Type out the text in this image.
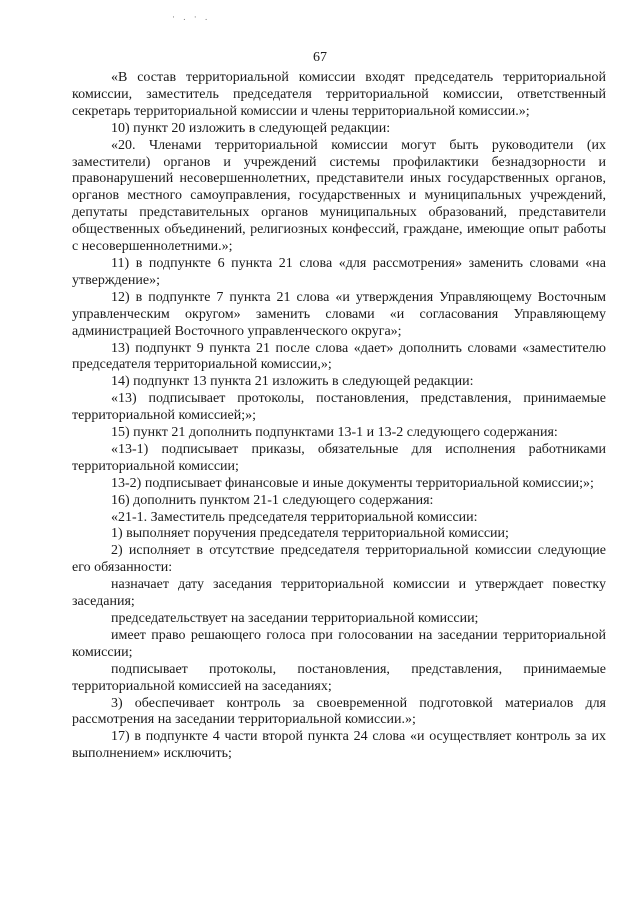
· . · .
67

«В состав территориальной комиссии входят председатель территориальной комиссии, заместитель председателя территориальной комиссии, ответственный секретарь территориальной комиссии и члены территориальной комиссии.»;

10) пункт 20 изложить в следующей редакции:

«20. Членами территориальной комиссии могут быть руководители (их заместители) органов и учреждений системы профилактики безнадзорности и правонарушений несовершеннолетних, представители иных государственных органов, органов местного самоуправления, государственных и муниципальных учреждений, депутаты представительных органов муниципальных образований, представители общественных объединений, религиозных конфессий, граждане, имеющие опыт работы с несовершеннолетними.»;

11) в подпункте 6 пункта 21 слова «для рассмотрения» заменить словами «на утверждение»;

12) в подпункте 7 пункта 21 слова «и утверждения Управляющему Восточным управленческим округом» заменить словами «и согласования Управляющему администрацией Восточного управленческого округа»;

13) подпункт 9 пункта 21 после слова «дает» дополнить словами «заместителю председателя территориальной комиссии,»;

14) подпункт 13 пункта 21 изложить в следующей редакции:

«13) подписывает протоколы, постановления, представления, принимаемые территориальной комиссией;»;

15) пункт 21 дополнить подпунктами 13-1 и 13-2 следующего содержания:

«13-1) подписывает приказы, обязательные для исполнения работниками территориальной комиссии;

13-2) подписывает финансовые и иные документы территориальной комиссии;»;

16) дополнить пунктом 21-1 следующего содержания:

«21-1. Заместитель председателя территориальной комиссии:

1) выполняет поручения председателя территориальной комиссии;

2) исполняет в отсутствие председателя территориальной комиссии следующие его обязанности:

назначает дату заседания территориальной комиссии и утверждает повестку заседания;

председательствует на заседании территориальной комиссии;

имеет право решающего голоса при голосовании на заседании территориальной комиссии;

подписывает протоколы, постановления, представления, принимаемые территориальной комиссией на заседаниях;

3) обеспечивает контроль за своевременной подготовкой материалов для рассмотрения на заседании территориальной комиссии.»;

17) в подпункте 4 части второй пункта 24 слова «и осуществляет контроль за их выполнением» исключить;
